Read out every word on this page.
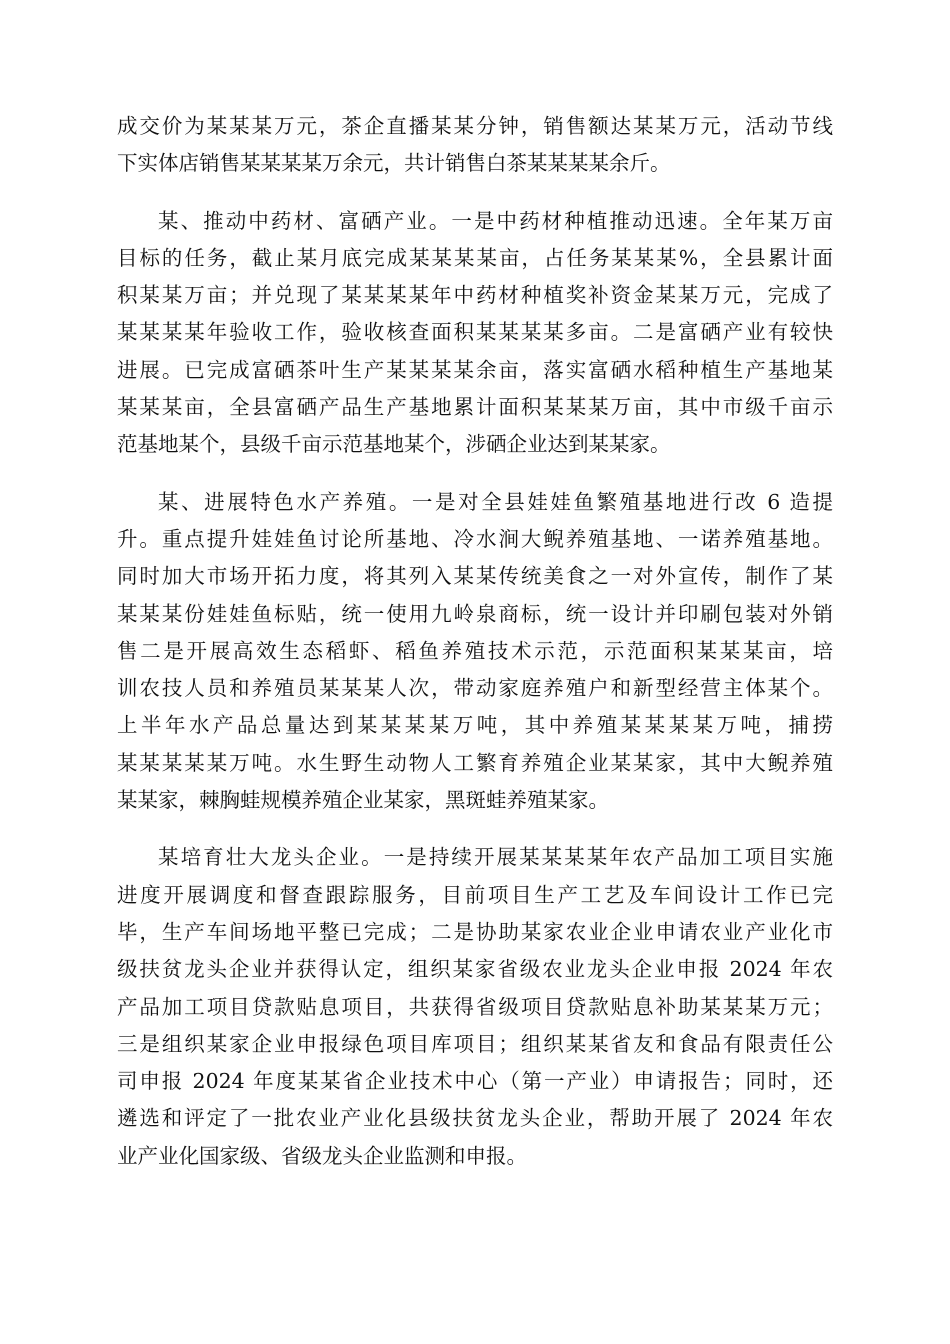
成交价为某某某万元，茶企直播某某分钟，销售额达某某万元，活动节线
下实体店销售某某某某万余元，共计销售白茶某某某某余斤。
某、推动中药材、富硒产业。一是中药材种植推动迅速。全年某万亩
目标的任务，截止某月底完成某某某某亩，占任务某某某%，全县累计面
积某某万亩；并兑现了某某某某年中药材种植奖补资金某某万元，完成了
某某某某年验收工作，验收核查面积某某某某多亩。二是富硒产业有较快
进展。已完成富硒茶叶生产某某某某余亩，落实富硒水稻种植生产基地某
某某某亩，全县富硒产品生产基地累计面积某某某万亩，其中市级千亩示
范基地某个，县级千亩示范基地某个，涉硒企业达到某某家。
某、进展特色水产养殖。一是对全县娃娃鱼繁殖基地进行改 6 造提
升。重点提升娃娃鱼讨论所基地、冷水涧大鲵养殖基地、一诺养殖基地。
同时加大市场开拓力度，将其列入某某传统美食之一对外宣传，制作了某
某某某份娃娃鱼标贴，统一使用九岭泉商标，统一设计并印刷包装对外销
售二是开展高效生态稻虾、稻鱼养殖技术示范，示范面积某某某亩，培
训农技人员和养殖员某某某人次，带动家庭养殖户和新型经营主体某个。
上半年水产品总量达到某某某某万吨，其中养殖某某某某万吨，捕捞
某某某某某万吨。水生野生动物人工繁育养殖企业某某家，其中大鲵养殖
某某家，棘胸蛙规模养殖企业某家，黑斑蛙养殖某家。
某培育壮大龙头企业。一是持续开展某某某某年农产品加工项目实施
进度开展调度和督查跟踪服务，目前项目生产工艺及车间设计工作已完
毕，生产车间场地平整已完成；二是协助某家农业企业申请农业产业化市
级扶贫龙头企业并获得认定，组织某家省级农业龙头企业申报 2024 年农
产品加工项目贷款贴息项目，共获得省级项目贷款贴息补助某某某万元；
三是组织某家企业申报绿色项目库项目；组织某某省友和食品有限责任公
司申报 2024 年度某某省企业技术中心（第一产业）申请报告；同时，还
遴选和评定了一批农业产业化县级扶贫龙头企业，帮助开展了 2024 年农
业产业化国家级、省级龙头企业监测和申报。
